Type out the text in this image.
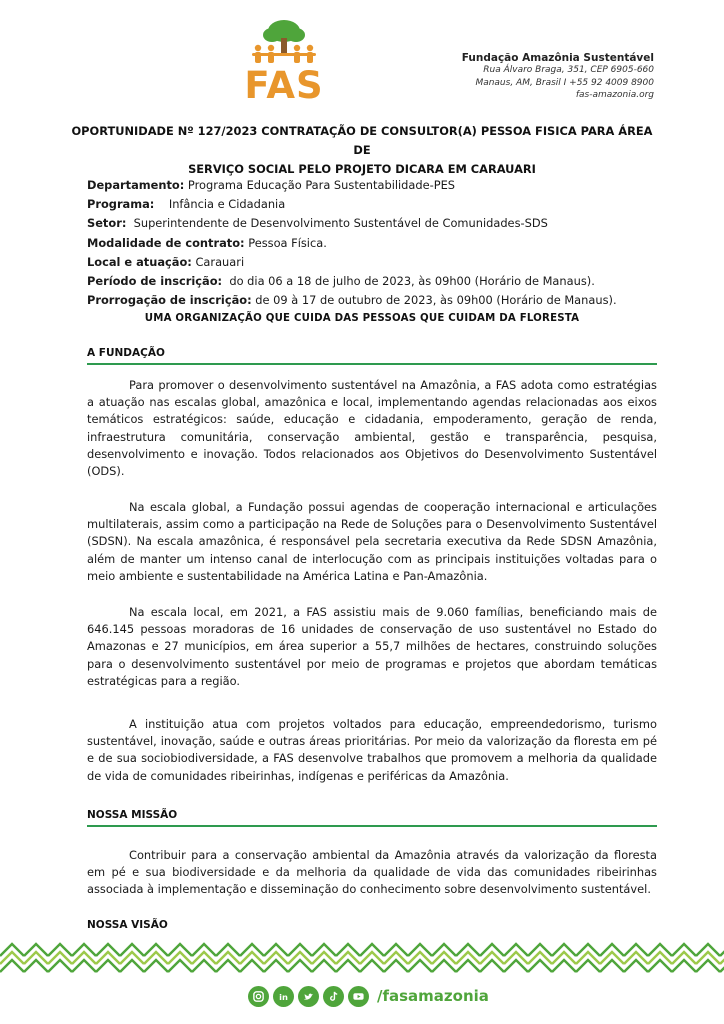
FAS
Fundação Amazônia Sustentável
Rua Álvaro Braga, 351, CEP 6905-660
Manaus, AM, Brasil I +55 92 4009 8900
fas-amazonia.org
OPORTUNIDADE Nº 127/2023 CONTRATAÇÃO DE CONSULTOR(A) PESSOA FISICA PARA ÁREA DE
SERVIÇO SOCIAL PELO PROJETO DICARA EM CARAUARI
Departamento: Programa Educação Para Sustentabilidade-PES
Programa:    Infância e Cidadania
Setor:  Superintendente de Desenvolvimento Sustentável de Comunidades-SDS
Modalidade de contrato: Pessoa Física.
Local e atuação: Carauari
Período de inscrição:  do dia 06 a 18 de julho de 2023, às 09h00 (Horário de Manaus).
Prorrogação de inscrição: de 09 à 17 de outubro de 2023, às 09h00 (Horário de Manaus).
UMA ORGANIZAÇÃO QUE CUIDA DAS PESSOAS QUE CUIDAM DA FLORESTA
A FUNDAÇÃO
Para promover o desenvolvimento sustentável na Amazônia, a FAS adota como estratégias a atuação nas escalas global, amazônica e local, implementando agendas relacionadas aos eixos temáticos estratégicos: saúde, educação e cidadania, empoderamento, geração de renda, infraestrutura comunitária, conservação ambiental, gestão e transparência, pesquisa, desenvolvimento e inovação. Todos relacionados aos Objetivos do Desenvolvimento Sustentável (ODS).
Na escala global, a Fundação possui agendas de cooperação internacional e articulações multilaterais, assim como a participação na Rede de Soluções para o Desenvolvimento Sustentável (SDSN). Na escala amazônica, é responsável pela secretaria executiva da Rede SDSN Amazônia, além de manter um intenso canal de interlocução com as principais instituições voltadas para o meio ambiente e sustentabilidade na América Latina e Pan-Amazônia.
Na escala local, em 2021, a FAS assistiu mais de 9.060 famílias, beneficiando mais de 646.145 pessoas moradoras de 16 unidades de conservação de uso sustentável no Estado do Amazonas e 27 municípios, em área superior a 55,7 milhões de hectares, construindo soluções para o desenvolvimento sustentável por meio de programas e projetos que abordam temáticas estratégicas para a região.
A instituição atua com projetos voltados para educação, empreendedorismo, turismo sustentável, inovação, saúde e outras áreas prioritárias. Por meio da valorização da floresta em pé e de sua sociobiodiversidade, a FAS desenvolve trabalhos que promovem a melhoria da qualidade de vida de comunidades ribeirinhas, indígenas e periféricas da Amazônia.
NOSSA MISSÃO
Contribuir para a conservação ambiental da Amazônia através da valorização da floresta em pé e sua biodiversidade e da melhoria da qualidade de vida das comunidades ribeirinhas associada à implementação e disseminação do conhecimento sobre desenvolvimento sustentável.
NOSSA VISÃO
in	/fasamazonia
